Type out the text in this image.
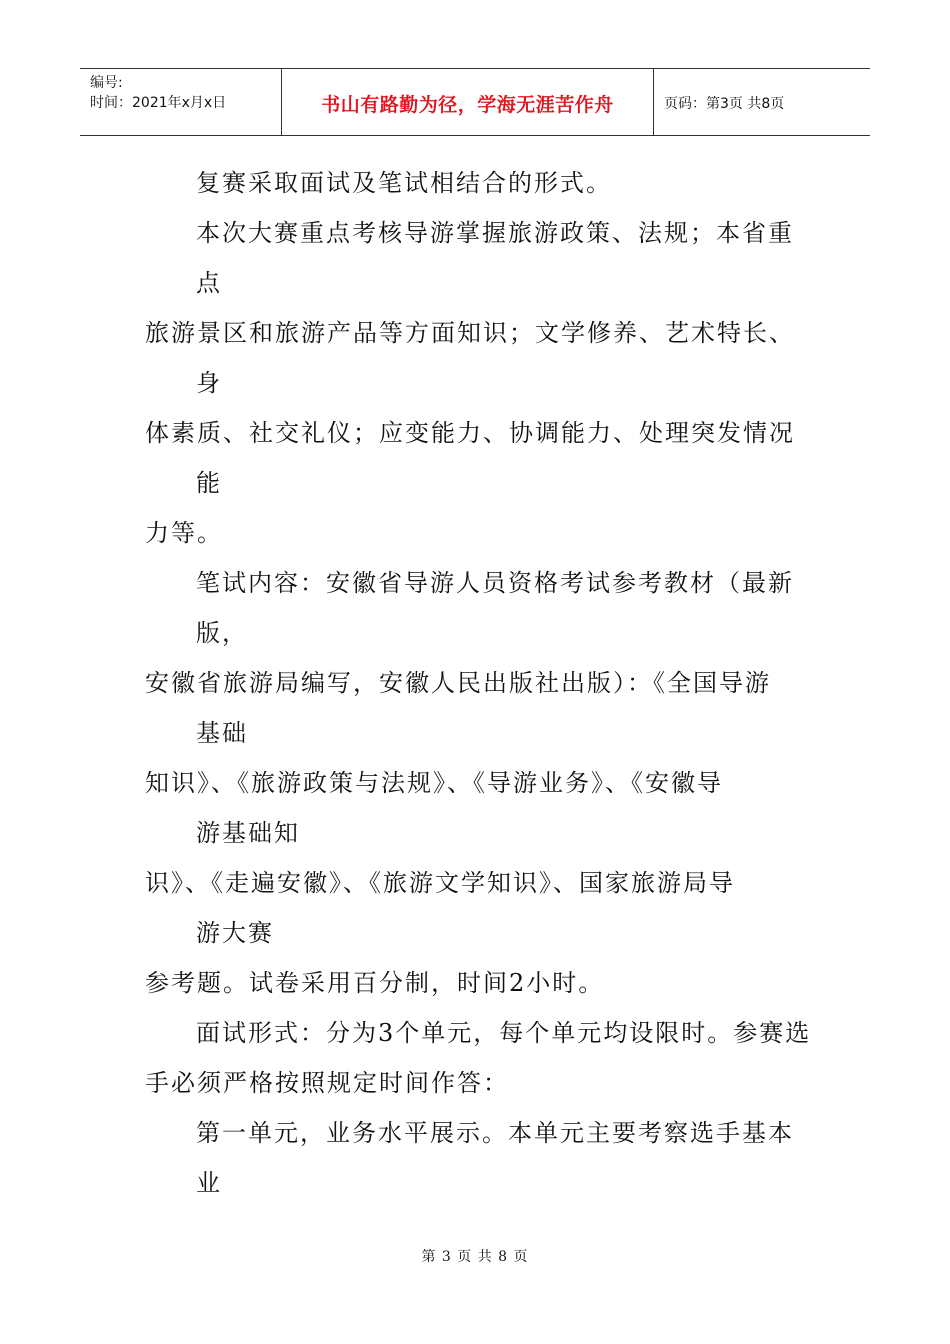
编号:
时间：2021年x月x日	书山有路勤为径，学海无涯苦作舟	页码：第3页 共8页
复赛采取面试及笔试相结合的形式。
本次大赛重点考核导游掌握旅游政策、法规；本省重
点
旅游景区和旅游产品等方面知识；文学修养、艺术特长、
身
体素质、社交礼仪；应变能力、协调能力、处理突发情况
能
力等。
笔试内容：安徽省导游人员资格考试参考教材（最新
版，
安徽省旅游局编写，安徽人民出版社出版）：《全国导游
基础
知识》、《旅游政策与法规》、《导游业务》、《安徽导
游基础知
识》、《走遍安徽》、《旅游文学知识》、国家旅游局导
游大赛
参考题。试卷采用百分制，时间2小时。
面试形式：分为3个单元，每个单元均设限时。参赛选
手必须严格按照规定时间作答：
第一单元，业务水平展示。本单元主要考察选手基本
业
第 3 页 共 8 页
